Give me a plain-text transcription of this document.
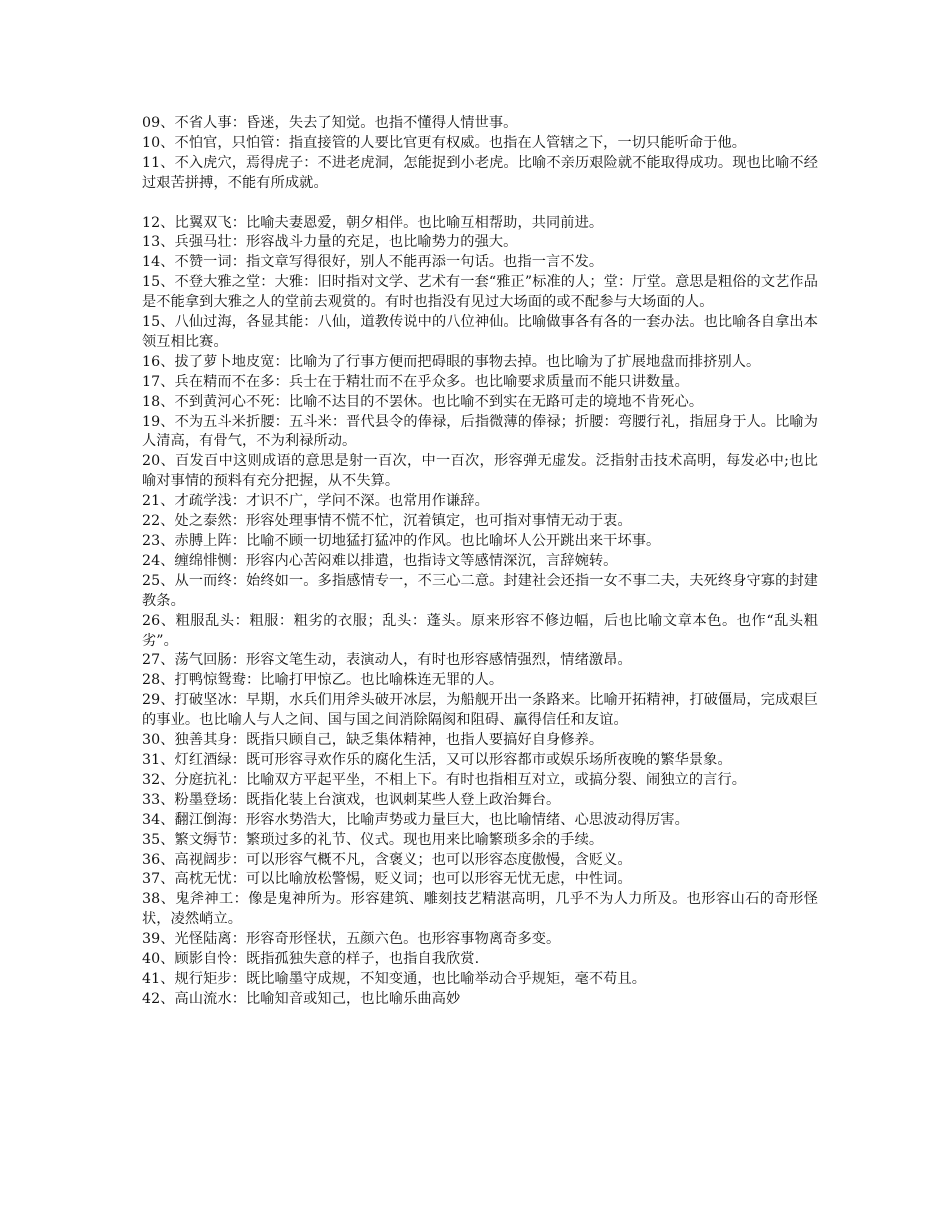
09、不省人事：昏迷，失去了知觉。也指不懂得人情世事。

10、不怕官，只怕管：指直接管的人要比官更有权威。也指在人管辖之下，一切只能听命于他。

11、不入虎穴，焉得虎子：不进老虎洞，怎能捉到小老虎。比喻不亲历艰险就不能取得成功。现也比喻不经过艰苦拼搏，不能有所成就。

12、比翼双飞：比喻夫妻恩爱，朝夕相伴。也比喻互相帮助，共同前进。

13、兵强马壮：形容战斗力量的充足，也比喻势力的强大。

14、不赞一词：指文章写得很好，别人不能再添一句话。也指一言不发。

15、不登大雅之堂：大雅：旧时指对文学、艺术有一套“雅正”标准的人；堂：厅堂。意思是粗俗的文艺作品是不能拿到大雅之人的堂前去观赏的。有时也指没有见过大场面的或不配参与大场面的人。

15、八仙过海，各显其能：八仙，道教传说中的八位神仙。比喻做事各有各的一套办法。也比喻各自拿出本领互相比赛。

16、拔了萝卜地皮宽：比喻为了行事方便而把碍眼的事物去掉。也比喻为了扩展地盘而排挤别人。

17、兵在精而不在多：兵士在于精壮而不在乎众多。也比喻要求质量而不能只讲数量。

18、不到黄河心不死：比喻不达目的不罢休。也比喻不到实在无路可走的境地不肯死心。

19、不为五斗米折腰：五斗米：晋代县令的俸禄，后指微薄的俸禄；折腰：弯腰行礼，指屈身于人。比喻为人清高，有骨气，不为利禄所动。

20、百发百中这则成语的意思是射一百次，中一百次，形容弹无虚发。泛指射击技术高明，每发必中;也比喻对事情的预料有充分把握，从不失算。

21、才疏学浅：才识不广，学问不深。也常用作谦辞。

22、处之泰然：形容处理事情不慌不忙，沉着镇定，也可指对事情无动于衷。

23、赤膊上阵：比喻不顾一切地猛打猛冲的作风。也比喻坏人公开跳出来干坏事。

24、缠绵悱恻：形容内心苦闷难以排遣，也指诗文等感情深沉，言辞婉转。

25、从一而终：始终如一。多指感情专一，不三心二意。封建社会还指一女不事二夫，夫死终身守寡的封建教条。

26、粗服乱头：粗服：粗劣的衣服；乱头：蓬头。原来形容不修边幅，后也比喻文章本色。也作“乱头粗劣”。

27、荡气回肠：形容文笔生动，表演动人，有时也形容感情强烈，情绪激昂。

28、打鸭惊鸳鸯：比喻打甲惊乙。也比喻株连无罪的人。

29、打破坚冰：早期，水兵们用斧头破开冰层，为船舰开出一条路来。比喻开拓精神，打破僵局，完成艰巨的事业。也比喻人与人之间、国与国之间消除隔阂和阻碍、赢得信任和友谊。

30、独善其身：既指只顾自己，缺乏集体精神，也指人要搞好自身修养。

31、灯红酒绿：既可形容寻欢作乐的腐化生活，又可以形容都市或娱乐场所夜晚的繁华景象。

32、分庭抗礼：比喻双方平起平坐，不相上下。有时也指相互对立，或搞分裂、闹独立的言行。

33、粉墨登场：既指化装上台演戏，也讽刺某些人登上政治舞台。

34、翻江倒海：形容水势浩大，比喻声势或力量巨大，也比喻情绪、心思波动得厉害。

35、繁文缛节：繁琐过多的礼节、仪式。现也用来比喻繁琐多余的手续。

36、高视阔步：可以形容气概不凡，含褒义；也可以形容态度傲慢，含贬义。

37、高枕无忧：可以比喻放松警惕，贬义词；也可以形容无忧无虑，中性词。

38、鬼斧神工：像是鬼神所为。形容建筑、雕刻技艺精湛高明，几乎不为人力所及。也形容山石的奇形怪状，凌然峭立。

39、光怪陆离：形容奇形怪状，五颜六色。也形容事物离奇多变。

40、顾影自怜：既指孤独失意的样子，也指自我欣赏.

41、规行矩步：既比喻墨守成规，不知变通，也比喻举动合乎规矩，毫不苟且。

42、高山流水：比喻知音或知己，也比喻乐曲高妙
